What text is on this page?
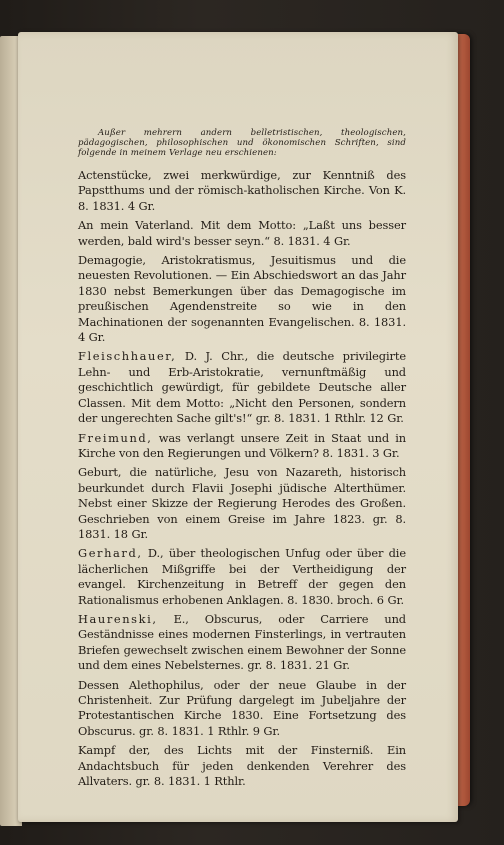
Außer mehrern andern belletristischen, theologischen, pädagogischen, philosophischen und ökonomischen Schriften, sind folgende in meinem Verlage neu erschienen:

Actenstücke, zwei merkwürdige, zur Kenntniß des Papstthums und der römisch-katholischen Kirche. Von K. 8. 1831. 4 Gr.

An mein Vaterland. Mit dem Motto: „Laßt uns besser werden, bald wird's besser seyn.“ 8. 1831. 4 Gr.

Demagogie, Aristokratismus, Jesuitismus und die neuesten Revolutionen. — Ein Abschiedswort an das Jahr 1830 nebst Bemerkungen über das Demagogische im preußischen Agendenstreite so wie in den Machinationen der sogenannten Evangelischen. 8. 1831. 4 Gr.

Fleischhauer, D. J. Chr., die deutsche privilegirte Lehn- und Erb-Aristokratie, vernunftmäßig und geschichtlich gewürdigt, für gebildete Deutsche aller Classen. Mit dem Motto: „Nicht den Personen, sondern der ungerechten Sache gilt's!“ gr. 8. 1831. 1 Rthlr. 12 Gr.

Freimund, was verlangt unsere Zeit in Staat und in Kirche von den Regierungen und Völkern? 8. 1831. 3 Gr.

Geburt, die natürliche, Jesu von Nazareth, historisch beurkundet durch Flavii Josephi jüdische Alterthümer. Nebst einer Skizze der Regierung Herodes des Großen. Geschrieben von einem Greise im Jahre 1823. gr. 8. 1831. 18 Gr.

Gerhard, D., über theologischen Unfug oder über die lächerlichen Mißgriffe bei der Vertheidigung der evangel. Kirchenzeitung in Betreff der gegen den Rationalismus erhobenen Anklagen. 8. 1830. broch. 6 Gr.

Haurenski, E., Obscurus, oder Carriere und Geständnisse eines modernen Finsterlings, in vertrauten Briefen gewechselt zwischen einem Bewohner der Sonne und dem eines Nebelsternes. gr. 8. 1831. 21 Gr.

Dessen Alethophilus, oder der neue Glaube in der Christenheit. Zur Prüfung dargelegt im Jubeljahre der Protestantischen Kirche 1830. Eine Fortsetzung des Obscurus. gr. 8. 1831. 1 Rthlr. 9 Gr.

Kampf der, des Lichts mit der Finsterniß. Ein Andachtsbuch für jeden denkenden Verehrer des Allvaters. gr. 8. 1831. 1 Rthlr.
